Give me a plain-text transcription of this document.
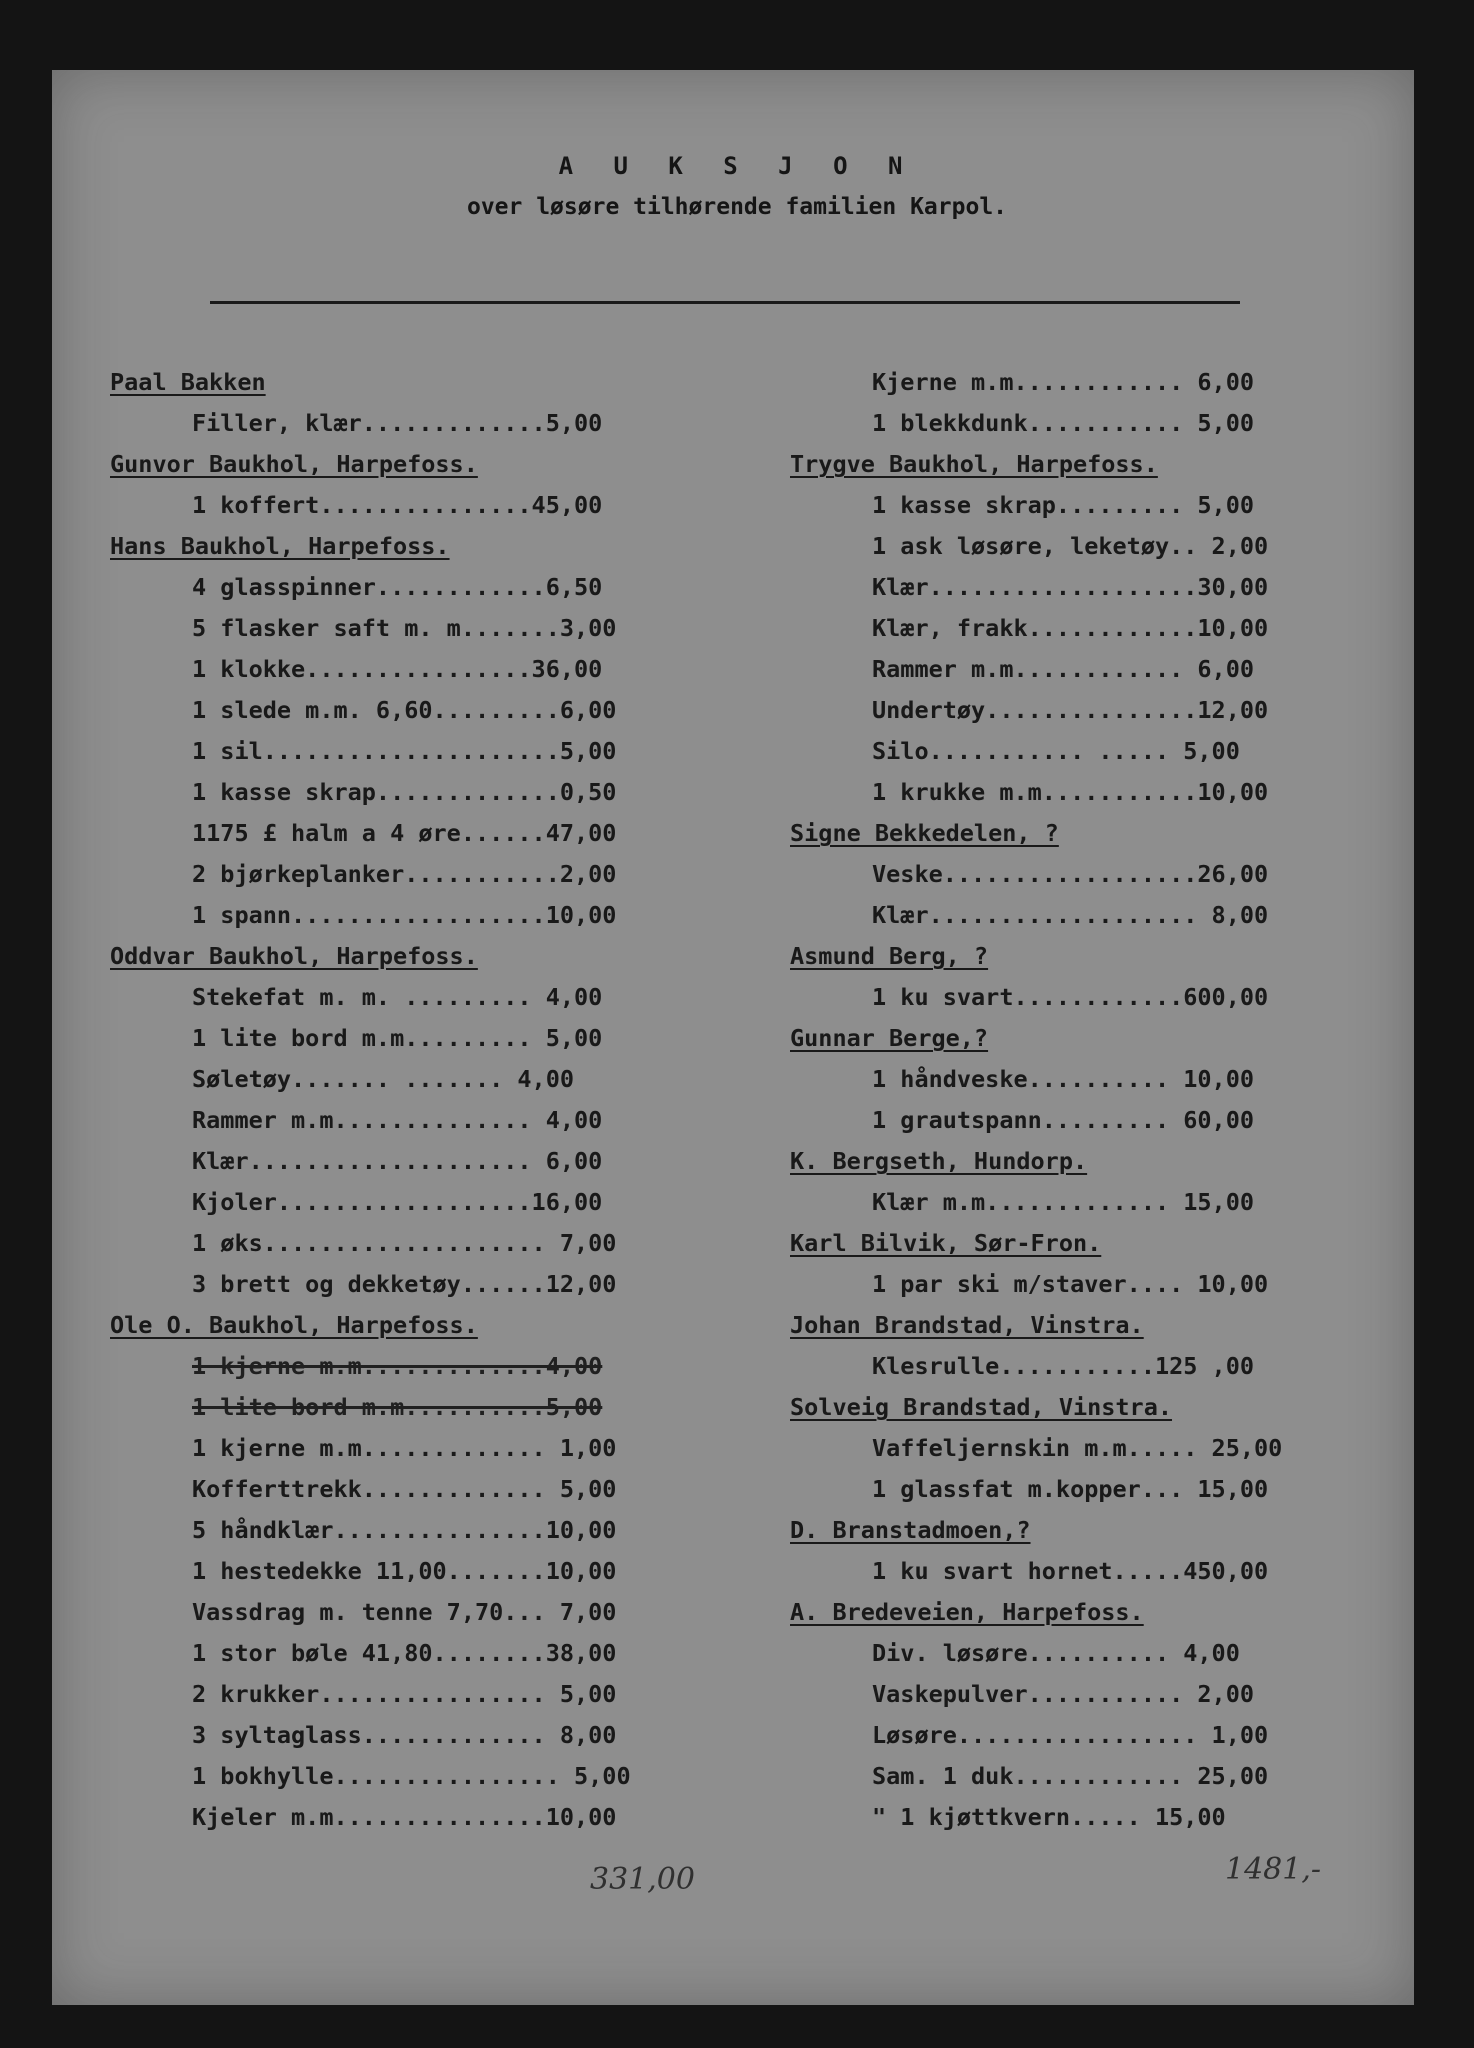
A U K S J O N
over løsøre tilhørende familien Karpol.
Paal Bakken
Filler, klær.............5,00
Gunvor Baukhol, Harpefoss.
1 koffert...............45,00
Hans Baukhol, Harpefoss.
4 glasspinner............6,50
5 flasker saft m. m.......3,00
1 klokke................36,00
1 slede m.m. 6,60.........6,00
1 sil.....................5,00
1 kasse skrap.............0,50
1175 £ halm a 4 øre......47,00
2 bjørkeplanker...........2,00
1 spann..................10,00
Oddvar Baukhol, Harpefoss.
Stekefat m. m. ......... 4,00
1 lite bord m.m......... 5,00
Søletøy....... ....... 4,00
Rammer m.m.............. 4,00
Klær.................... 6,00
Kjoler..................16,00
1 øks.................... 7,00
3 brett og dekketøy......12,00
Ole O. Baukhol, Harpefoss.
1 kjerne m.m.............4,00
1 lite bord m.m..........5,00
1 kjerne m.m............. 1,00
Kofferttrekk............. 5,00
5 håndklær...............10,00
1 hestedekke 11,00.......10,00
Vassdrag m. tenne 7,70... 7,00
1 stor bøle 41,80........38,00
2 krukker................ 5,00
3 syltaglass............. 8,00
1 bokhylle................ 5,00
Kjeler m.m...............10,00
Kjerne m.m............ 6,00
1 blekkdunk........... 5,00
Trygve Baukhol, Harpefoss.
1 kasse skrap......... 5,00
1 ask løsøre, leketøy.. 2,00
Klær...................30,00
Klær, frakk............10,00
Rammer m.m............ 6,00
Undertøy...............12,00
Silo........... ..... 5,00
1 krukke m.m...........10,00
Signe Bekkedelen, ?
Veske..................26,00
Klær................... 8,00
Asmund Berg, ?
1 ku svart............600,00
Gunnar Berge,?
1 håndveske.......... 10,00
1 grautspann......... 60,00
K. Bergseth, Hundorp.
Klær m.m............. 15,00
Karl Bilvik, Sør-Fron.
1 par ski m/staver.... 10,00
Johan Brandstad, Vinstra.
Klesrulle...........125 ,00
Solveig Brandstad, Vinstra.
Vaffeljernskin m.m..... 25,00
1 glassfat m.kopper... 15,00
D. Branstadmoen,?
1 ku svart hornet.....450,00
A. Bredeveien, Harpefoss.
Div. løsøre.......... 4,00
Vaskepulver........... 2,00
Løsøre................. 1,00
Sam. 1 duk............ 25,00
" 1 kjøttkvern..... 15,00
331,00	1481,-
